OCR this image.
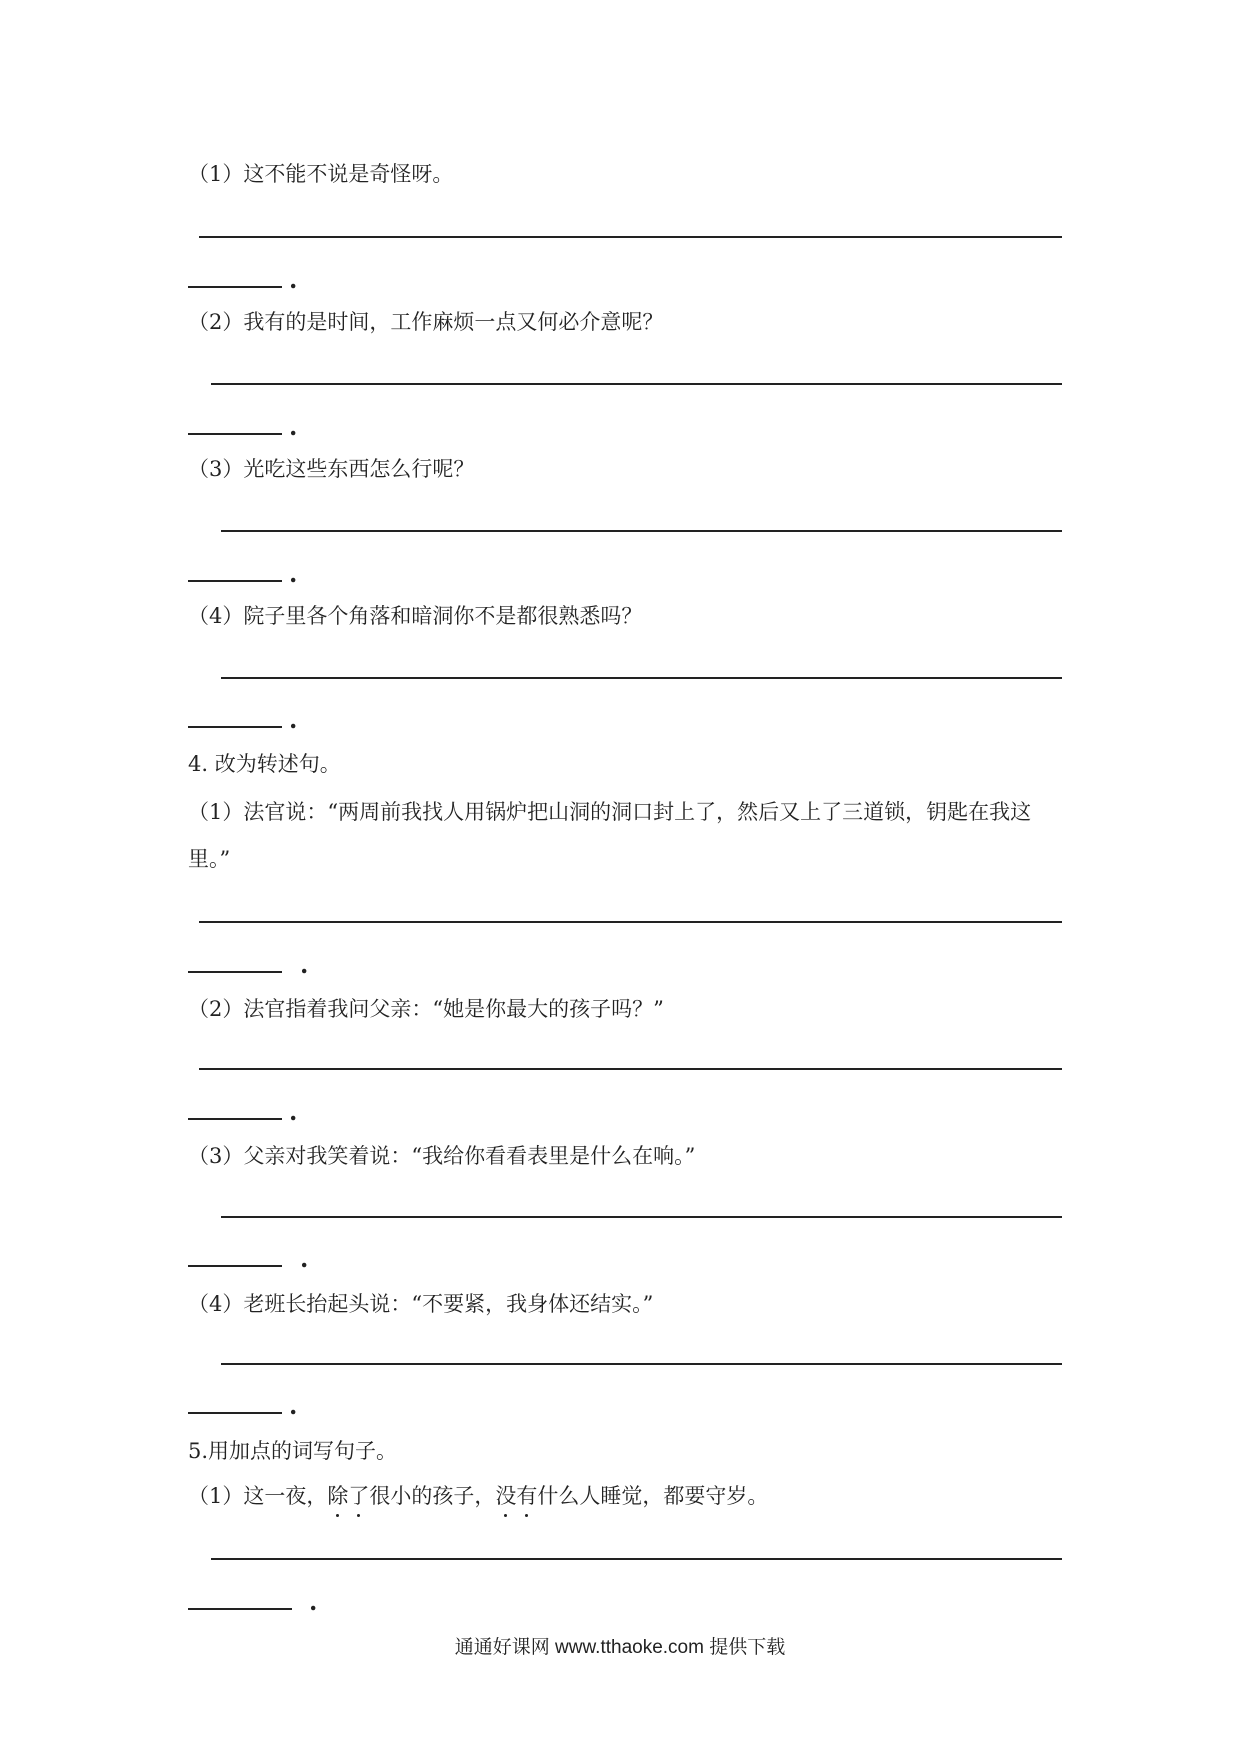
（1）这不能不说是奇怪呀。
.
（2）我有的是时间，工作麻烦一点又何必介意呢？
.
（3）光吃这些东西怎么行呢？
.
（4）院子里各个角落和暗洞你不是都很熟悉吗？
.
4. 改为转述句。
（1）法官说：“两周前我找人用锅炉把山洞的洞口封上了，然后又上了三道锁，钥匙在我这
里。”
.
（2）法官指着我问父亲：“她是你最大的孩子吗？”
.
（3）父亲对我笑着说：“我给你看看表里是什么在响。”
.
（4）老班长抬起头说：“不要紧，我身体还结实。”
.
5.用加点的词写句子。
（1）这一夜，除了很小的孩子，没有什么人睡觉，都要守岁。
.
通通好课网 www.tthaoke.com 提供下载
